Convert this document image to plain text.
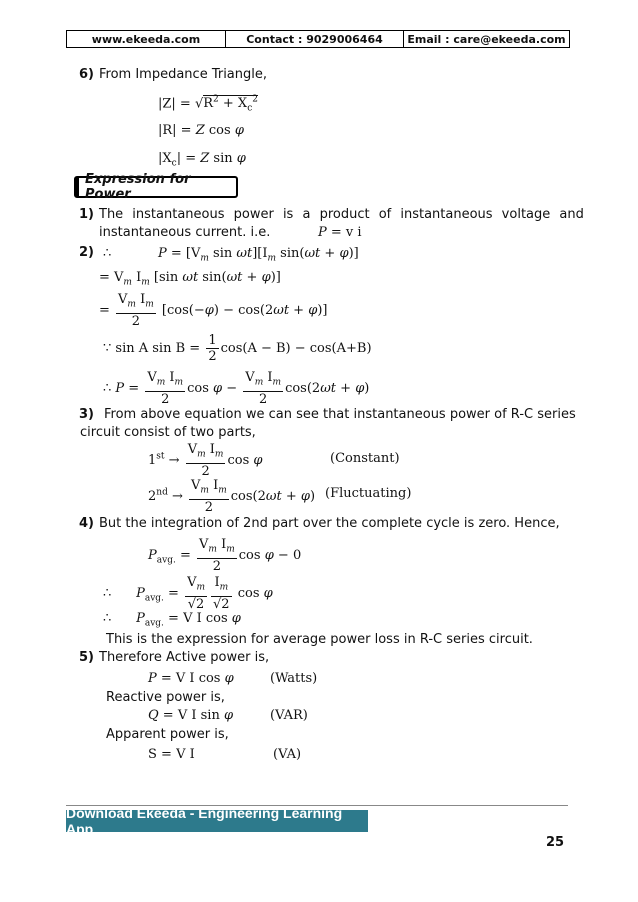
www.ekeeda.com	Contact : 9029006464	Email : care@ekeeda.com
6) From Impedance Triangle,
$|Z| = √R^2 + X_c^2$
|R| = Z cos φ
$|X_c| = Z$ sin φ
Expression for Power
1) The instantaneous power is a product of instantaneous voltage and
instantaneous current. i.e.	P = v i
2) ∴	$P = [V_m$ $\sin \omega t][I_m$ sin(ωt + φ)]
= $V_m$ $I_m$ [sin ωt sin(ωt + φ)]
= $\frac{V_m I_m}{2} [\cos(-\varphi) - \cos(2\omega t + \varphi)]$
∵ sin A $\sin B = \frac{1}{2} \cos(A - B) - \cos(A+B)$
∴ $P = \frac{V_m I_m}{2}$ $\cos \varphi - \frac{V_m I_m}{2} \cos(2\omega t + \varphi)$
3) From above equation we can see that instantaneous power of R-C series
circuit consist of two parts,
$1st \to \frac{V_m I_m}{2}$ cos φ	(Constant)
$2nd \to \frac{V_m I_m}{2} \cos(2\omega t + \varphi)$ (Fluctuating)
4) But the integration of 2nd part over the complete cycle is zero. Hence,
$P_{avg.} = \frac{V_m I_m}{2}$ cos φ − 0
∴      $P_{avg.} = \frac{V_m}{√2} \frac{I_m}{√2}$ cos φ
∴      $P_{avg.} = V$ I cos φ
This is the expression for average power loss in R-C series circuit.
5) Therefore Active power is,
P = V I cos φ	(Watts)
Reactive power is,
Q = V I sin φ	(VAR)
Apparent power is,
S = V I	(VA)
Download Ekeeda - Engineering Learning App
25
